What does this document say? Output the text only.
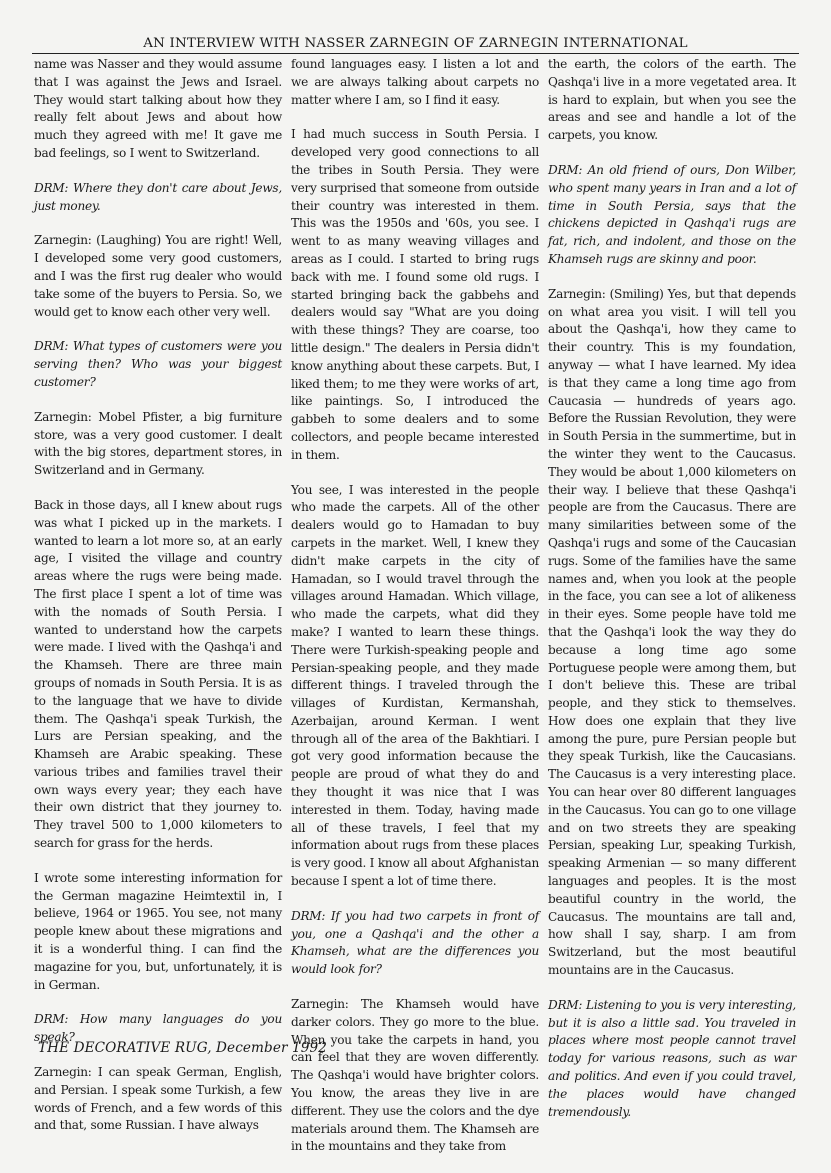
AN INTERVIEW WITH NASSER ZARNEGIN OF ZARNEGIN INTERNATIONAL

name was Nasser and they would assume that I was against the Jews and Israel. They would start talking about how they really felt about Jews and about how much they agreed with me! It gave me bad feelings, so I went to Switzerland.

DRM: Where they don't care about Jews, just money.

Zarnegin: (Laughing) You are right! Well, I developed some very good customers, and I was the first rug dealer who would take some of the buyers to Persia. So, we would get to know each other very well.

DRM: What types of customers were you serving then? Who was your biggest customer?

Zarnegin: Mobel Pfister, a big furniture store, was a very good customer. I dealt with the big stores, department stores, in Switzerland and in Germany.

Back in those days, all I knew about rugs was what I picked up in the markets. I wanted to learn a lot more so, at an early age, I visited the village and country areas where the rugs were being made. The first place I spent a lot of time was with the nomads of South Persia. I wanted to understand how the carpets were made. I lived with the Qashqa'i and the Khamseh. There are three main groups of nomads in South Persia. It is as to the language that we have to divide them. The Qashqa'i speak Turkish, the Lurs are Persian speaking, and the Khamseh are Arabic speaking. These various tribes and families travel their own ways every year; they each have their own district that they journey to. They travel 500 to 1,000 kilometers to search for grass for the herds.

I wrote some interesting information for the German magazine Heimtextil in, I believe, 1964 or 1965. You see, not many people knew about these migrations and it is a wonderful thing. I can find the magazine for you, but, unfortunately, it is in German.

DRM: How many languages do you speak?

Zarnegin: I can speak German, English, and Persian. I speak some Turkish, a few words of French, and a few words of this and that, some Russian. I have always

found languages easy. I listen a lot and we are always talking about carpets no matter where I am, so I find it easy.

I had much success in South Persia. I developed very good connections to all the tribes in South Persia. They were very surprised that someone from outside their country was interested in them. This was the 1950s and '60s, you see. I went to as many weaving villages and areas as I could. I started to bring rugs back with me. I found some old rugs. I started bringing back the gabbehs and dealers would say "What are you doing with these things? They are coarse, too little design." The dealers in Persia didn't know anything about these carpets. But, I liked them; to me they were works of art, like paintings. So, I introduced the gabbeh to some dealers and to some collectors, and people became interested in them.

You see, I was interested in the people who made the carpets. All of the other dealers would go to Hamadan to buy carpets in the market. Well, I knew they didn't make carpets in the city of Hamadan, so I would travel through the villages around Hamadan. Which village, who made the carpets, what did they make? I wanted to learn these things. There were Turkish-speaking people and Persian-speaking people, and they made different things. I traveled through the villages of Kurdistan, Kermanshah, Azerbaijan, around Kerman. I went through all of the area of the Bakhtiari. I got very good information because the people are proud of what they do and they thought it was nice that I was interested in them. Today, having made all of these travels, I feel that my information about rugs from these places is very good. I know all about Afghanistan because I spent a lot of time there.

DRM: If you had two carpets in front of you, one a Qashqa'i and the other a Khamseh, what are the differences you would look for?

Zarnegin: The Khamseh would have darker colors. They go more to the blue. When you take the carpets in hand, you can feel that they are woven differently. The Qashqa'i would have brighter colors. You know, the areas they live in are different. They use the colors and the dye materials around them. The Khamseh are in the mountains and they take from

the earth, the colors of the earth. The Qashqa'i live in a more vegetated area. It is hard to explain, but when you see the areas and see and handle a lot of the carpets, you know.

DRM: An old friend of ours, Don Wilber, who spent many years in Iran and a lot of time in South Persia, says that the chickens depicted in Qashqa'i rugs are fat, rich, and indolent, and those on the Khamseh rugs are skinny and poor.

Zarnegin: (Smiling) Yes, but that depends on what area you visit. I will tell you about the Qashqa'i, how they came to their country. This is my foundation, anyway — what I have learned. My idea is that they came a long time ago from Caucasia — hundreds of years ago. Before the Russian Revolution, they were in South Persia in the summertime, but in the winter they went to the Caucasus. They would be about 1,000 kilometers on their way. I believe that these Qashqa'i people are from the Caucasus. There are many similarities between some of the Qashqa'i rugs and some of the Caucasian rugs. Some of the families have the same names and, when you look at the people in the face, you can see a lot of alikeness in their eyes. Some people have told me that the Qashqa'i look the way they do because a long time ago some Portuguese people were among them, but I don't believe this. These are tribal people, and they stick to themselves. How does one explain that they live among the pure, pure Persian people but they speak Turkish, like the Caucasians. The Caucasus is a very interesting place. You can hear over 80 different languages in the Caucasus. You can go to one village and on two streets they are speaking Persian, speaking Lur, speaking Turkish, speaking Armenian — so many different languages and peoples. It is the most beautiful country in the world, the Caucasus. The mountains are tall and, how shall I say, sharp. I am from Switzerland, but the most beautiful mountains are in the Caucasus.

DRM: Listening to you is very interesting, but it is also a little sad. You traveled in places where most people cannot travel today for various reasons, such as war and politics. And even if you could travel, the places would have changed tremendously.

THE DECORATIVE RUG, December 1992
